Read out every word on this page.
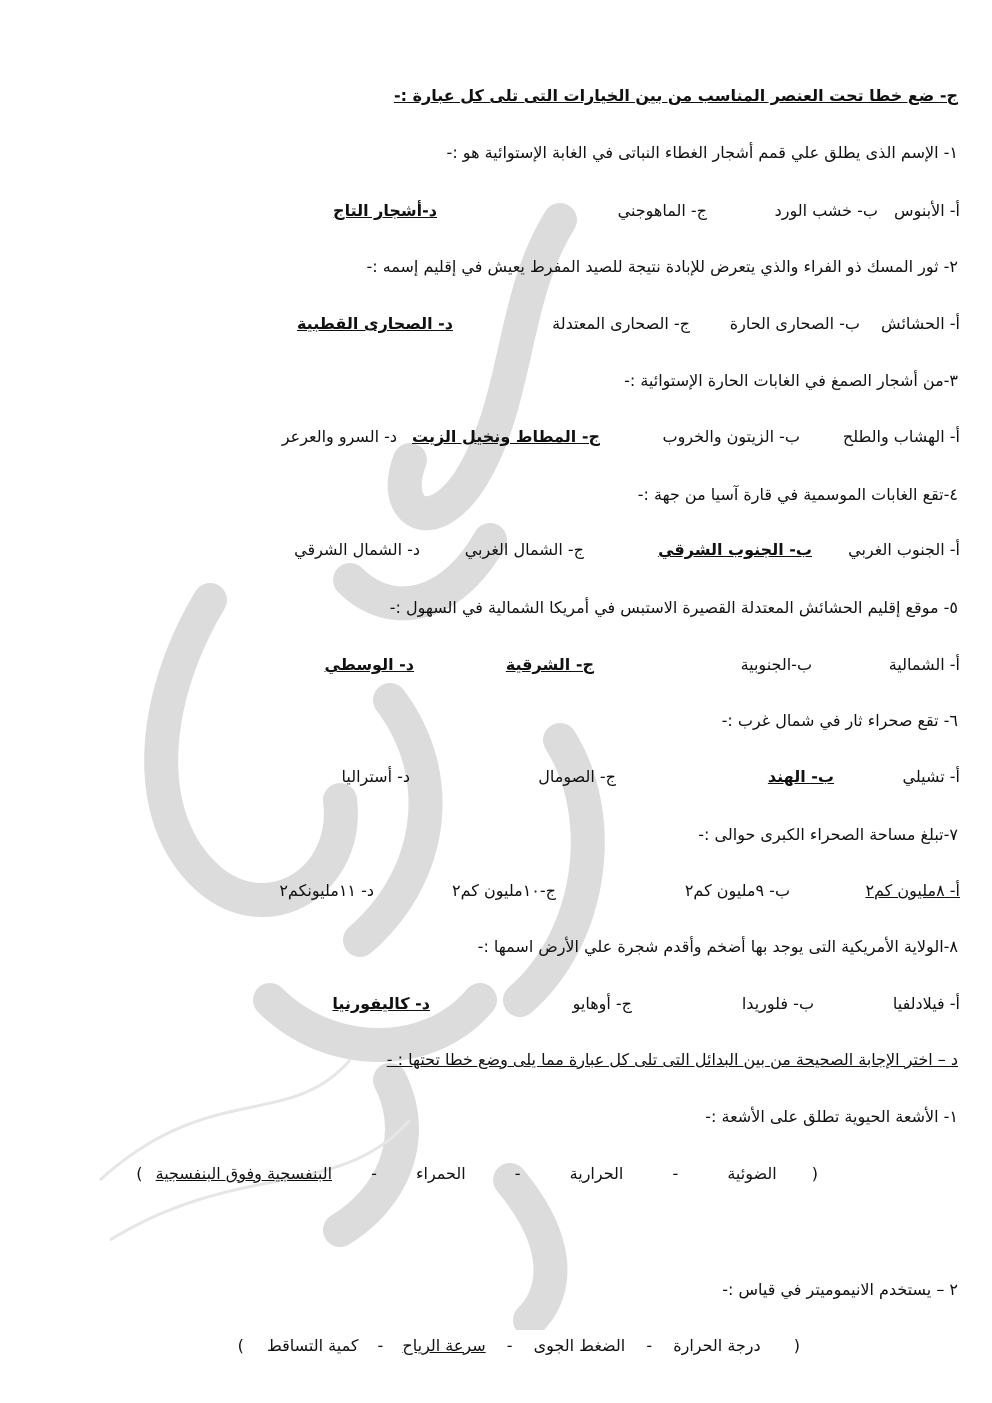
ج- ضع خطا تحت العنصر المناسب من بين الخيارات التى تلى كل عبارة :-
١- الإسم الذى يطلق علي قمم أشجار الغطاء النباتى في الغابة الإستوائية هو :-
أ- الأبنوس
ب- خشب الورد
ج- الماهوجني
د-أشجار التاج
٢- ثور المسك ذو الفراء والذي يتعرض للإبادة نتيجة للصيد المفرط يعيش في إقليم إسمه :-
أ- الحشائش
ب- الصحارى الحارة
ج- الصحارى المعتدلة
د- الصحارى القطبية
٣-من أشجار الصمغ في الغابات الحارة الإستوائية :-
أ- الهشاب والطلح
ب- الزيتون والخروب
ج- المطاط ونخيل الزيت
د- السرو والعرعر
٤-تقع الغابات الموسمية في قارة آسيا من جهة :-
أ- الجنوب الغربي
ب- الجنوب الشرقي
ج- الشمال الغربي
د- الشمال الشرقي
٥- موقع إقليم الحشائش المعتدلة القصيرة الاستبس في أمريكا الشمالية في السهول :-
أ- الشمالية
ب-الجنوبية
ج- الشرقية
د- الوسطي
٦- تقع صحراء ثار في شمال غرب :-
أ- تشيلي
ب- الهند
ج- الصومال
د- أستراليا
٧-تبلغ مساحة الصحراء الكبرى حوالى :-
أ- ٨مليون كم٢
ب- ٩مليون كم٢
ج-١٠مليون كم٢
د- ١١مليونكم٢
٨-الولاية الأمريكية التى يوجد بها أضخم وأقدم شجرة علي الأرض اسمها :-
أ- فيلادلفيا
ب- فلوريدا
ج- أوهايو
د- كاليفورنيا
د – اختر الإجابة الصحيحة من بين البدائل التى تلى كل عبارة مما يلى وضع خطا تحتها : -
١- الأشعة الحيوية تطلق على الأشعة :-
( الضوئية - الحرارية - الحمراء - البنفسجية وفوق البنفسجية )
٢ – يستخدم الانيموميتر في قياس :-
( درجة الحرارة - الضغط الجوى - سرعة الرياح - كمية التساقط )
